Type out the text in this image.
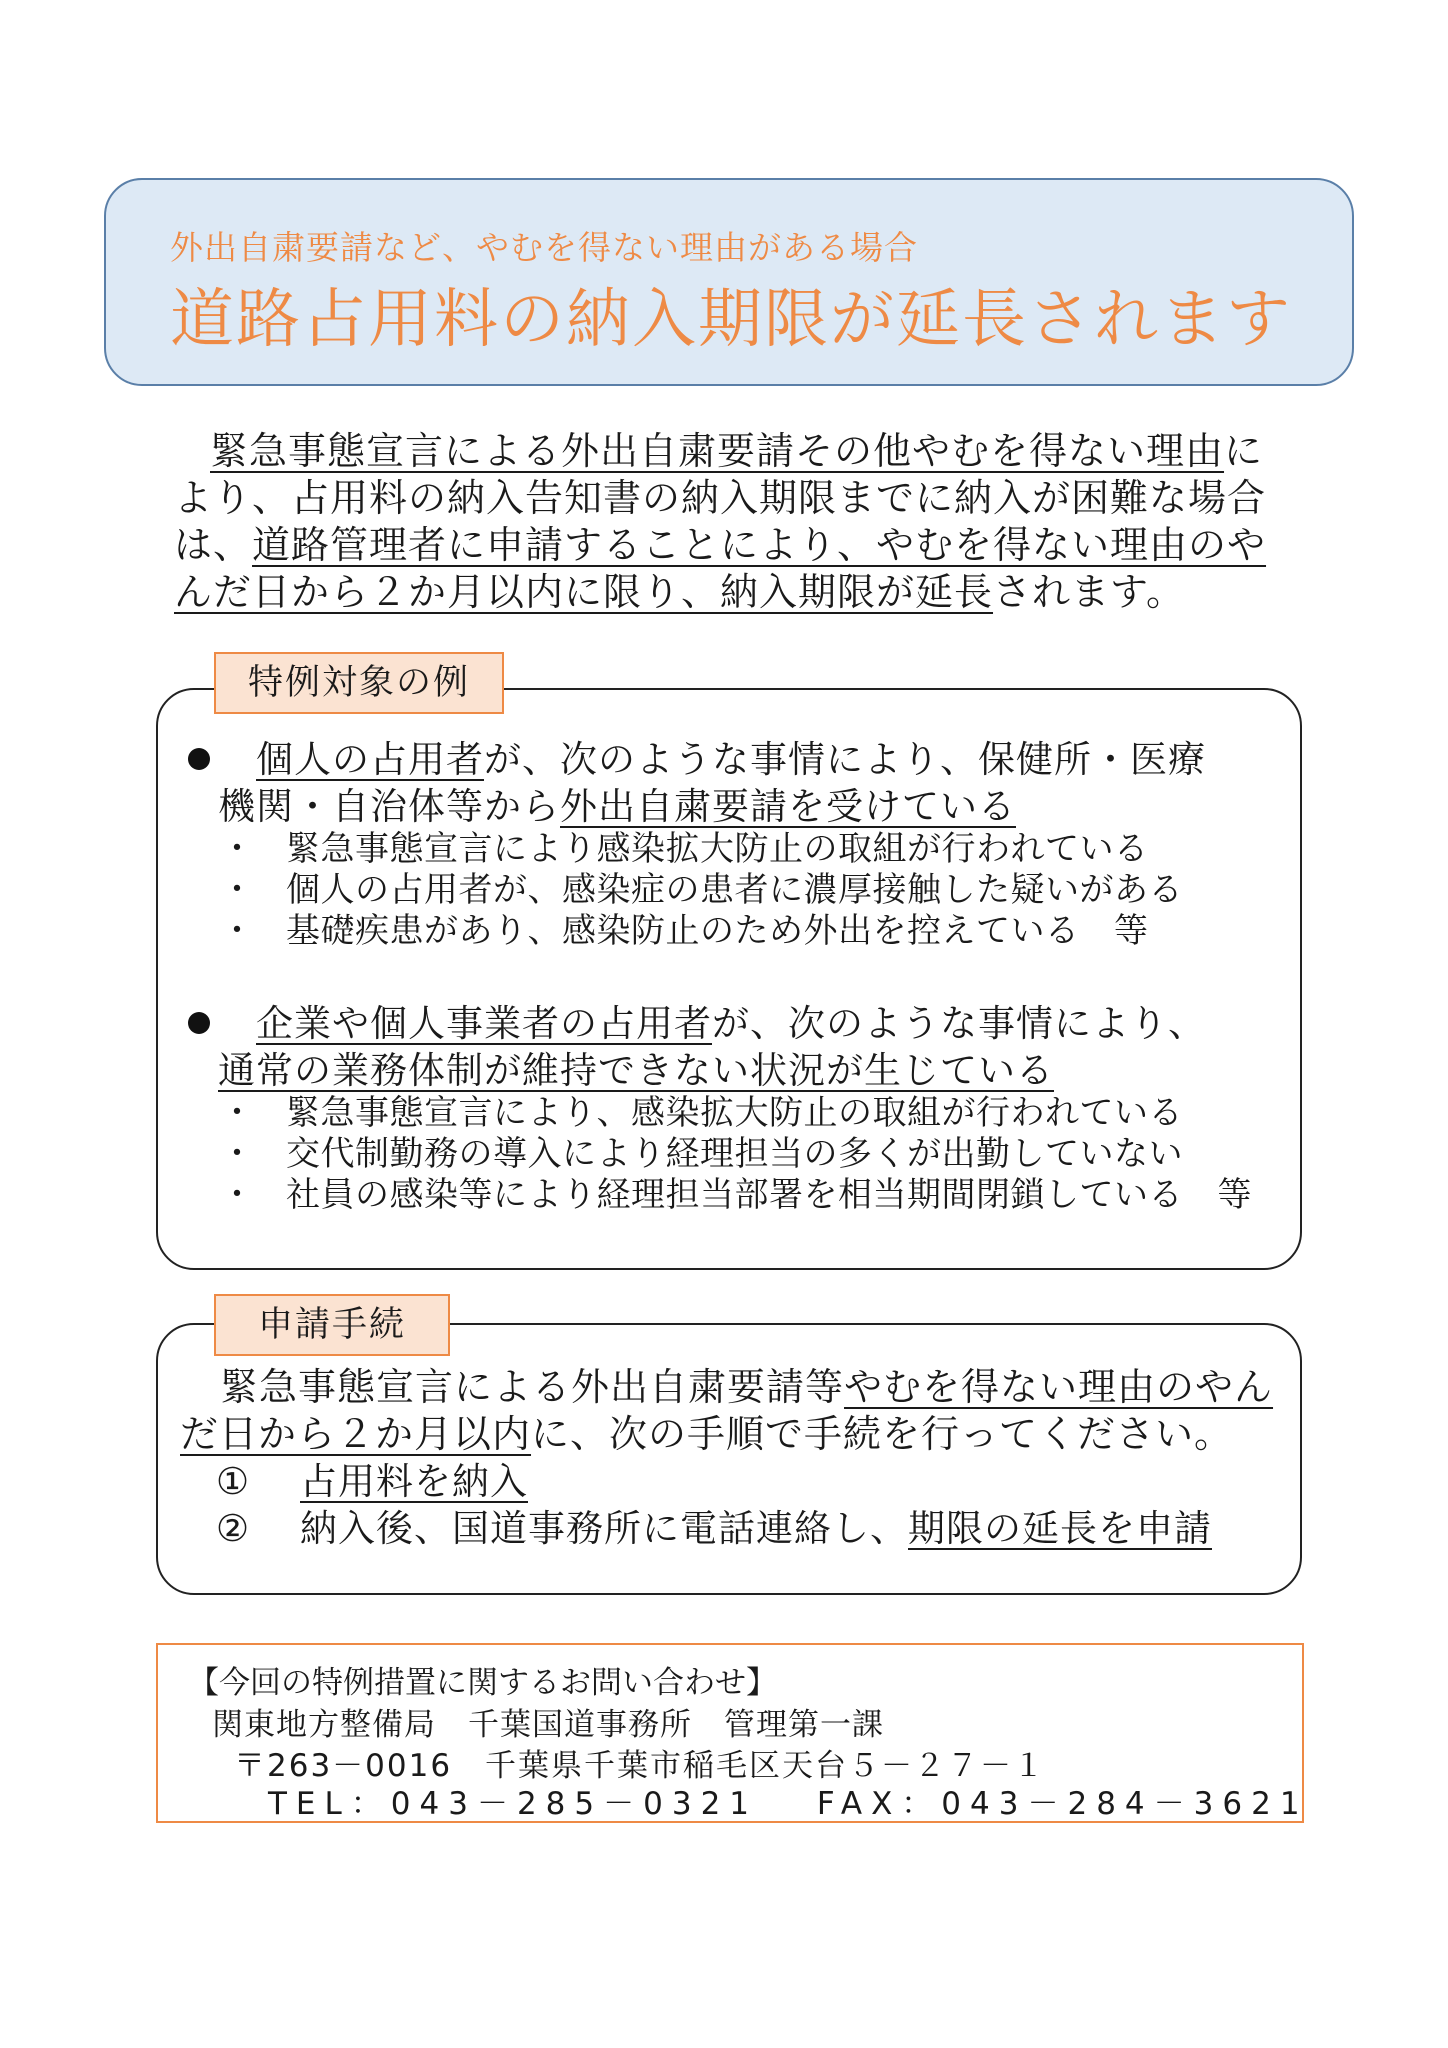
外出自粛要請など、やむを得ない理由がある場合
道路占用料の納入期限が延長されます
緊急事態宣言による外出自粛要請その他やむを得ない理由に
より、占用料の納入告知書の納入期限までに納入が困難な場合
は、道路管理者に申請することにより、やむを得ない理由のや
んだ日から２か月以内に限り、納入期限が延長されます。
特例対象の例
個人の占用者が、次のような事情により、保健所・医療
機関・自治体等から外出自粛要請を受けている
・ 緊急事態宣言により感染拡大防止の取組が行われている
・ 個人の占用者が、感染症の患者に濃厚接触した疑いがある
・ 基礎疾患があり、感染防止のため外出を控えている　等
企業や個人事業者の占用者が、次のような事情により、
通常の業務体制が維持できない状況が生じている
・ 緊急事態宣言により、感染拡大防止の取組が行われている
・ 交代制勤務の導入により経理担当の多くが出勤していない
・ 社員の感染等により経理担当部署を相当期間閉鎖している　等
申請手続
緊急事態宣言による外出自粛要請等やむを得ない理由のやん
だ日から２か月以内に、次の手順で手続を行ってください。
① 占用料を納入
② 納入後、国道事務所に電話連絡し、期限の延長を申請
【今回の特例措置に関するお問い合わせ】
関東地方整備局　千葉国道事務所　管理第一課
〒263－0016　千葉県千葉市稲毛区天台５－２７－１
TEL：043－285－0321　 FAX：043－284－3621
